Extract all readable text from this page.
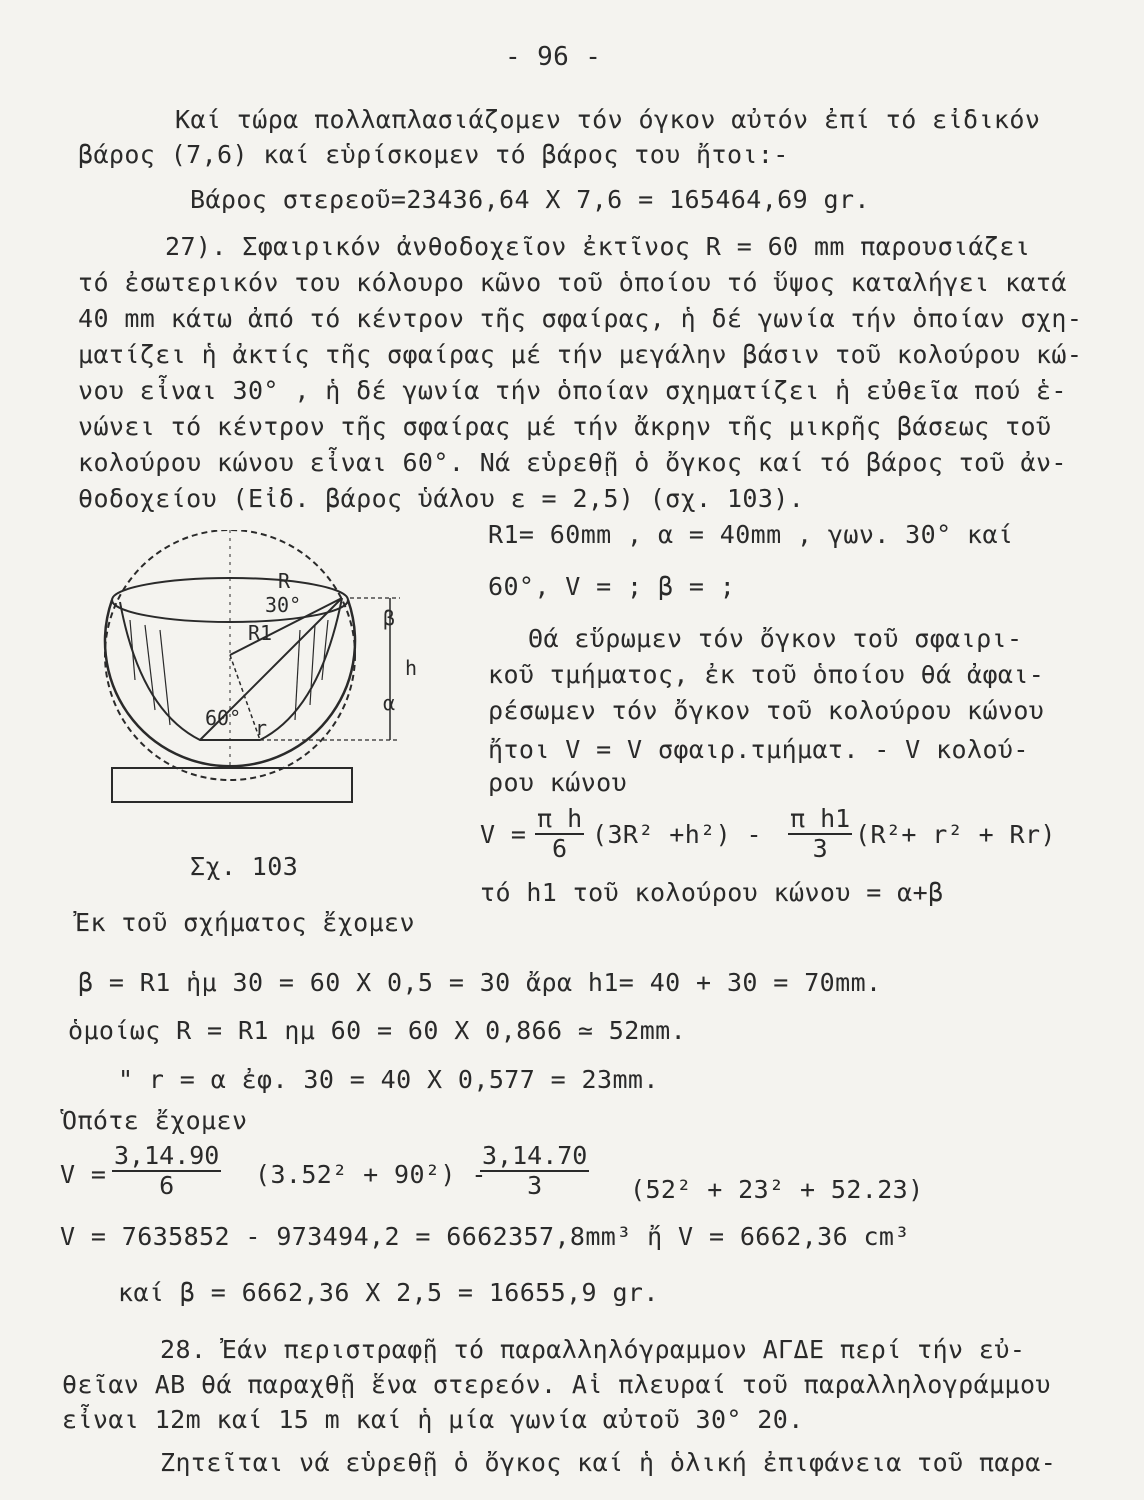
- 96 -
Καί τώρα πολλαπλασιάζομεν τόν όγκον αὐτόν ἐπί τό εἰδικόν
βάρος (7,6) καί εὑρίσκομεν τό βάρος του ἤτοι:-
Βάρος στερεοῦ=23436,64 Χ 7,6 = 165464,69 gr.
27). Σφαιρικόν ἀνθοδοχεῖον ἐκτῖνος R = 60 mm παρουσιάζει
τό ἐσωτερικόν του κόλουρο κῶνο τοῦ ὁποίου τό ὕψος καταλήγει κατά
40 mm κάτω ἀπό τό κέντρον τῆς σφαίρας, ἡ δέ γωνία τήν ὁποίαν σχη-
ματίζει ἡ ἀκτίς τῆς σφαίρας μέ τήν μεγάλην βάσιν τοῦ κολούρου κώ-
νου εἶναι 30° , ἡ δέ γωνία τήν ὁποίαν σχηματίζει ἡ εὐθεῖα πού ἑ-
νώνει τό κέντρον τῆς σφαίρας μέ τήν ἄκρην τῆς μικρῆς βάσεως τοῦ
κολούρου κώνου εἶναι 60°. Νά εὑρεθῇ ὁ ὄγκος καί τό βάρος τοῦ ἀν-
θοδοχείου (Εἰδ. βάρος ὑάλου ε = 2,5) (σχ. 103).
R
30°
R1
β
h
α
60° r
R1= 60mm , α = 40mm , γων. 30° καί
60°, V = ; β = ;
Θά εὕρωμεν τόν ὄγκον τοῦ σφαιρι-
κοῦ τμήματος, ἐκ τοῦ ὁποίου θά ἀφαι-
ρέσωμεν τόν ὄγκον τοῦ κολούρου κώνου
ἤτοι V = V σφαιρ.τμήματ. - V κολού-
ρου κώνου
$V = \frac{\text{π h}}{6} (3R^2 +h^2) - \frac{\text{π h1}}{3} (R^2+ r^2 + Rr)$
τό h1 τοῦ κολούρου κώνου = α+β
Σχ. 103
Ἐκ τοῦ σχήματος ἔχομεν
β = R1 ἡμ 30 = 60 Χ 0,5 = 30 ἄρα h1= 40 + 30 = 70mm.
ὁμοίως R = R1 ημ 60 = 60 Χ 0,866 ≃ 52mm.
" r = α ἐφ. 30 = 40 Χ 0,577 = 23mm.
Ὁπότε ἔχομεν
$V = \frac{3,14.90}{6} (3.52^2 + 90^2)$ -
$\frac{3,14.70}{3} (52^2 + 23^2 + 52.23)$
V = 7635852 - 973494,2 = 6662357,8mm³ ἤ V = 6662,36 cm³
καί β = 6662,36 Χ 2,5 = 16655,9 gr.
28. Ἐάν περιστραφῇ τό παραλληλόγραμμον ΑΓΔΕ περί τήν εὐ-
θεῖαν ΑΒ θά παραχθῇ ἕνα στερεόν. Αἱ πλευραί τοῦ παραλληλογράμμου
εἶναι 12m καί 15 m καί ἡ μία γωνία αὐτοῦ 30° 20.
Ζητεῖται νά εὑρεθῇ ὁ ὄγκος καί ἡ ὁλική ἐπιφάνεια τοῦ παρα-
